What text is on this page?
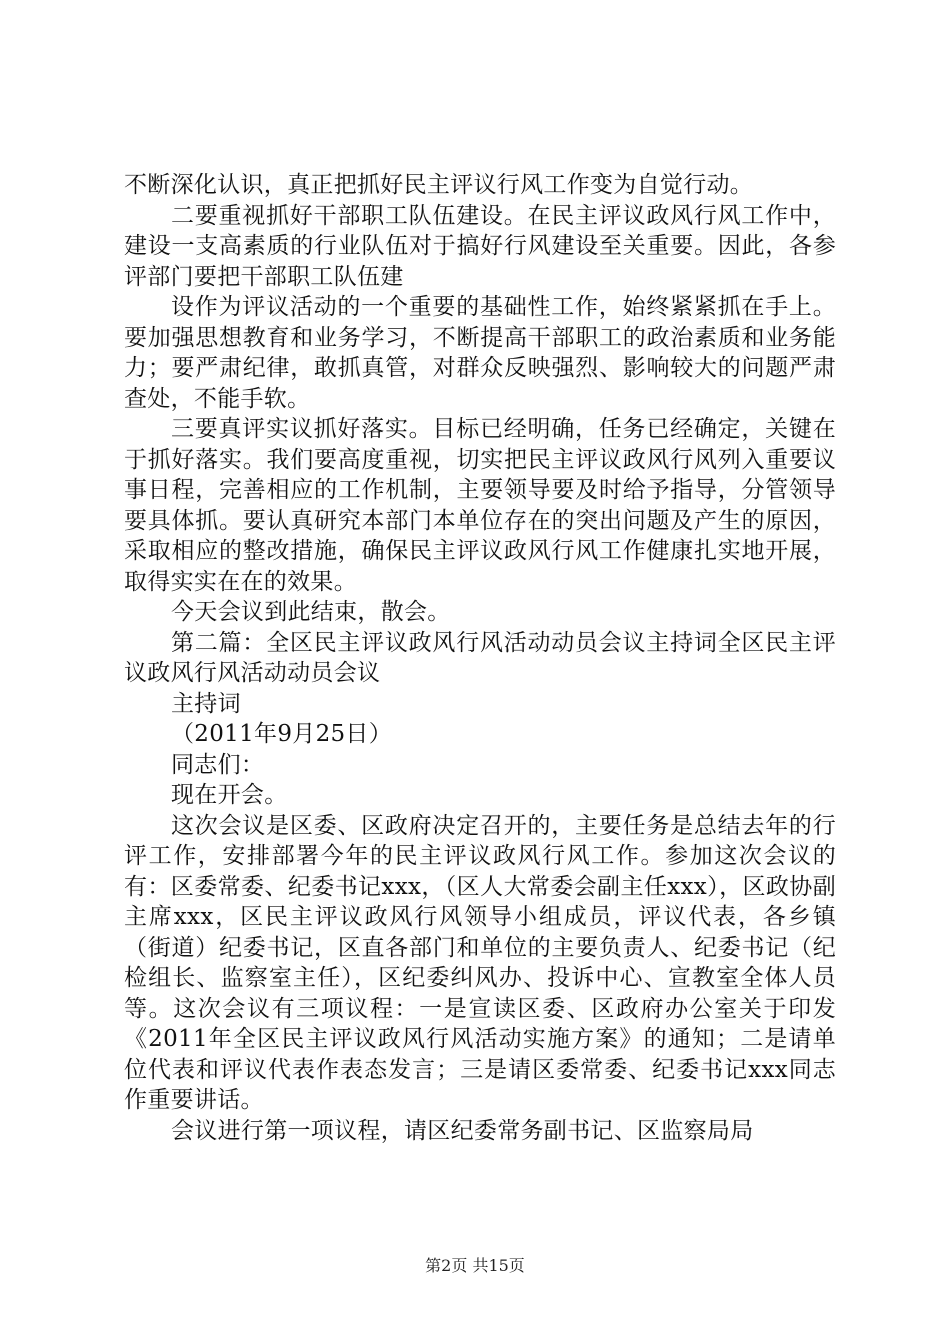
不断深化认识，真正把抓好民主评议行风工作变为自觉行动。

二要重视抓好干部职工队伍建设。在民主评议政风行风工作中，建设一支高素质的行业队伍对于搞好行风建设至关重要。因此，各参评部门要把干部职工队伍建

设作为评议活动的一个重要的基础性工作，始终紧紧抓在手上。要加强思想教育和业务学习，不断提高干部职工的政治素质和业务能力；要严肃纪律，敢抓真管，对群众反映强烈、影响较大的问题严肃查处，不能手软。

三要真评实议抓好落实。目标已经明确，任务已经确定，关键在于抓好落实。我们要高度重视，切实把民主评议政风行风列入重要议事日程，完善相应的工作机制，主要领导要及时给予指导，分管领导要具体抓。要认真研究本部门本单位存在的突出问题及产生的原因，采取相应的整改措施，确保民主评议政风行风工作健康扎实地开展，取得实实在在的效果。

今天会议到此结束，散会。

第二篇：全区民主评议政风行风活动动员会议主持词全区民主评议政风行风活动动员会议

主持词

（2011年9月25日）

同志们：

现在开会。

这次会议是区委、区政府决定召开的，主要任务是总结去年的行评工作，安排部署今年的民主评议政风行风工作。参加这次会议的有：区委常委、纪委书记xxx，（区人大常委会副主任xxx），区政协副主席xxx，区民主评议政风行风领导小组成员，评议代表，各乡镇（街道）纪委书记，区直各部门和单位的主要负责人、纪委书记（纪检组长、监察室主任），区纪委纠风办、投诉中心、宣教室全体人员等。这次会议有三项议程：一是宣读区委、区政府办公室关于印发《2011年全区民主评议政风行风活动实施方案》的通知；二是请单位代表和评议代表作表态发言；三是请区委常委、纪委书记xxx同志作重要讲话。

会议进行第一项议程，请区纪委常务副书记、区监察局局

第2页 共15页
